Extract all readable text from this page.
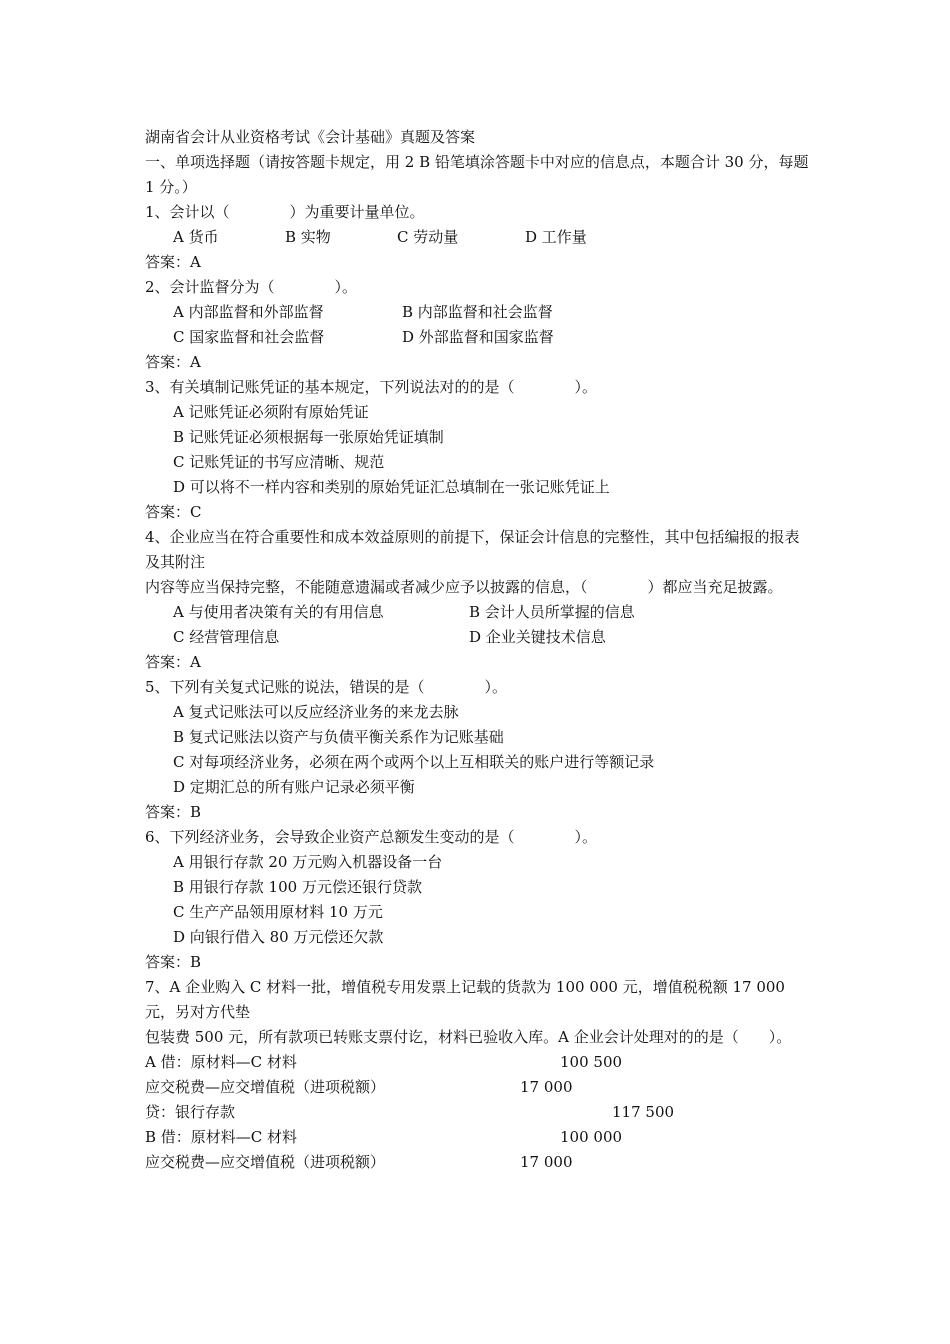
湖南省会计从业资格考试《会计基础》真题及答案
一、单项选择题（请按答题卡规定，用 2 B 铅笔填涂答题卡中对应的信息点，本题合计 30 分，每题 1 分。）
1、会计以（　　　　）为重要计量单位。
A 货币	B 实物	C 劳动量	D 工作量
答案：A
2、会计监督分为（　　　　）。
A 内部监督和外部监督	B 内部监督和社会监督
C 国家监督和社会监督	D 外部监督和国家监督
答案：A
3、有关填制记账凭证的基本规定，下列说法对的的是（　　　　）。
A 记账凭证必须附有原始凭证
B 记账凭证必须根据每一张原始凭证填制
C 记账凭证的书写应清晰、规范
D 可以将不一样内容和类别的原始凭证汇总填制在一张记账凭证上
答案：C
4、企业应当在符合重要性和成本效益原则的前提下，保证会计信息的完整性，其中包括编报的报表及其附注
内容等应当保持完整，不能随意遗漏或者减少应予以披露的信息，（　　　　）都应当充足披露。
A 与使用者决策有关的有用信息	B 会计人员所掌握的信息
C 经营管理信息	D 企业关键技术信息
答案：A
5、下列有关复式记账的说法，错误的是（　　　　）。
A 复式记账法可以反应经济业务的来龙去脉
B 复式记账法以资产与负债平衡关系作为记账基础
C 对每项经济业务，必须在两个或两个以上互相联关的账户进行等额记录
D 定期汇总的所有账户记录必须平衡
答案：B
6、下列经济业务，会导致企业资产总额发生变动的是（　　　　）。
A 用银行存款 20 万元购入机器设备一台
B 用银行存款 100 万元偿还银行贷款
C 生产产品领用原材料 10 万元
D 向银行借入 80 万元偿还欠款
答案：B
7、A 企业购入 C 材料一批，增值税专用发票上记载的货款为 100 000 元，增值税税额 17 000 元，另对方代垫
包装费 500 元，所有款项已转账支票付讫，材料已验收入库。A 企业会计处理对的的是（　　）。
A 借：原材料—C 材料	100 500
应交税费—应交增值税（进项税额）	17 000
贷：银行存款	117 500
B 借：原材料—C 材料	100 000
应交税费—应交增值税（进项税额）	17 000
